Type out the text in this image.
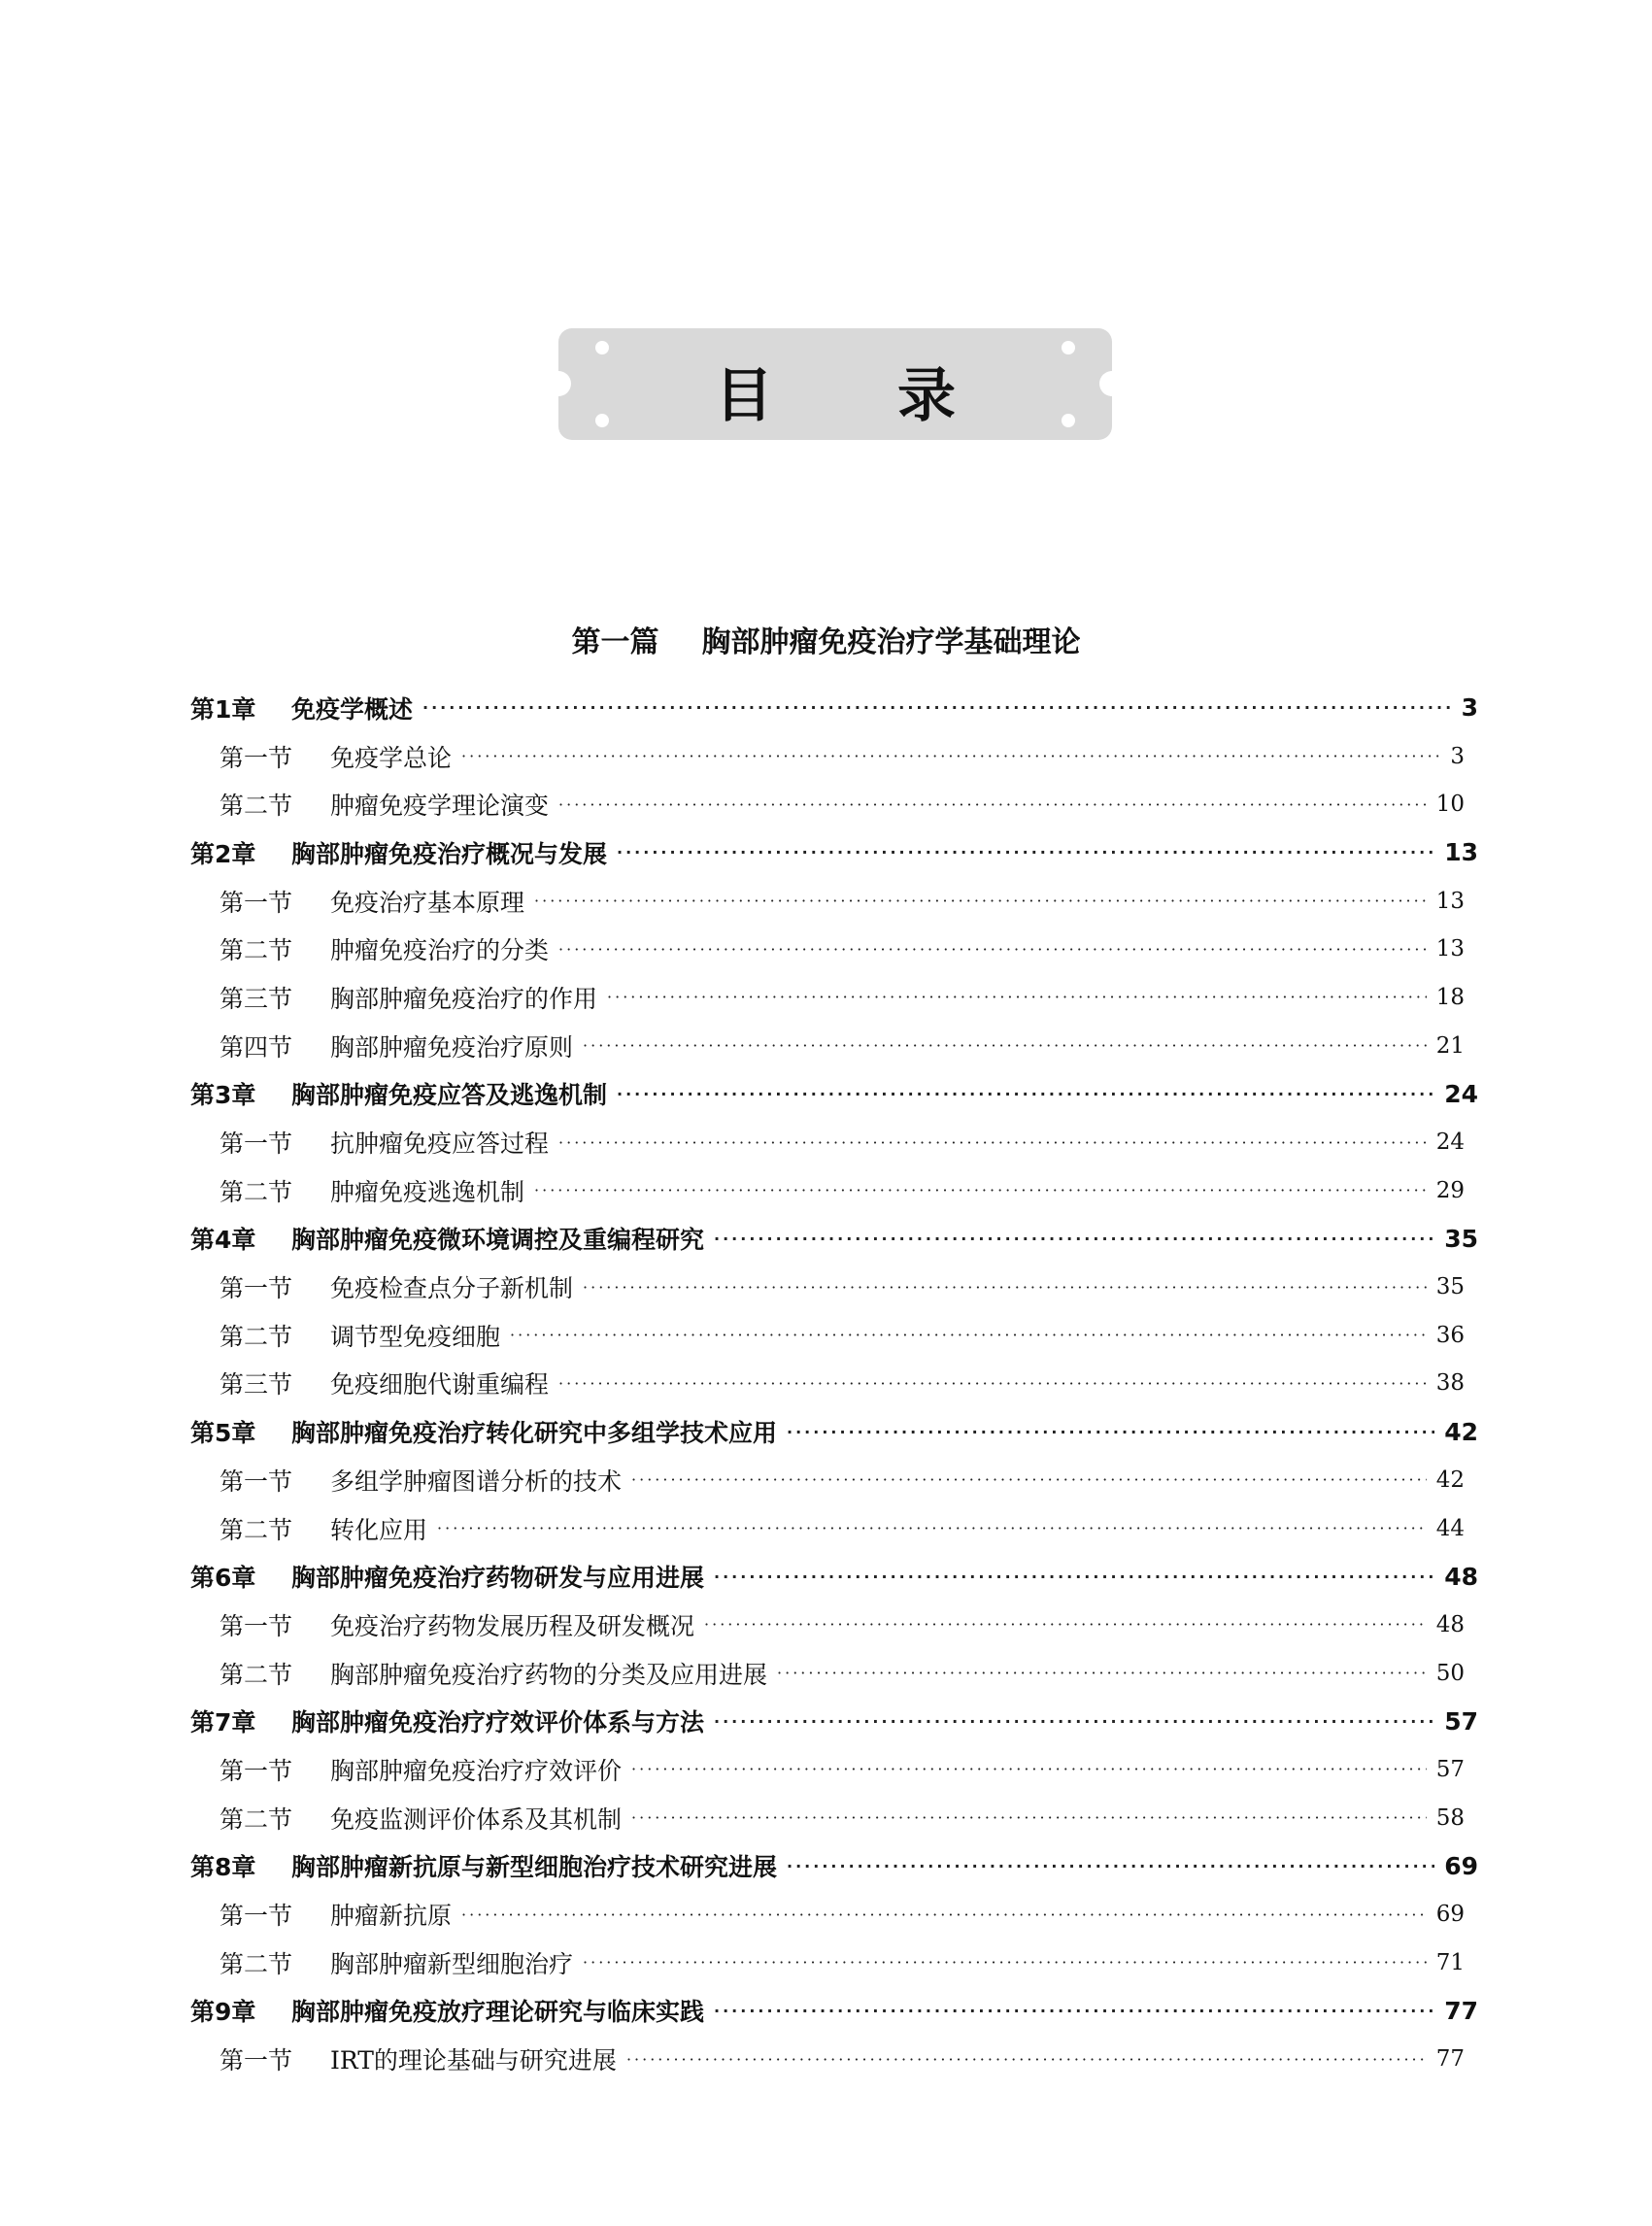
目录
第一篇 胸部肿瘤免疫治疗学基础理论
第1章	免疫学概述 ·····	3
第一节	免疫学总论 ·····	3
第二节	肿瘤免疫学理论演变 ·····	10
第2章	胸部肿瘤免疫治疗概况与发展 ·····	13
第一节	免疫治疗基本原理 ·····	13
第二节	肿瘤免疫治疗的分类 ·····	13
第三节	胸部肿瘤免疫治疗的作用 ·····	18
第四节	胸部肿瘤免疫治疗原则 ·····	21
第3章	胸部肿瘤免疫应答及逃逸机制 ·····	24
第一节	抗肿瘤免疫应答过程 ·····	24
第二节	肿瘤免疫逃逸机制 ·····	29
第4章	胸部肿瘤免疫微环境调控及重编程研究 ·····	35
第一节	免疫检查点分子新机制 ·····	35
第二节	调节型免疫细胞 ·····	36
第三节	免疫细胞代谢重编程 ·····	38
第5章	胸部肿瘤免疫治疗转化研究中多组学技术应用 ·····	42
第一节	多组学肿瘤图谱分析的技术 ·····	42
第二节	转化应用 ·····	44
第6章	胸部肿瘤免疫治疗药物研发与应用进展 ·····	48
第一节	免疫治疗药物发展历程及研发概况 ·····	48
第二节	胸部肿瘤免疫治疗药物的分类及应用进展 ·····	50
第7章	胸部肿瘤免疫治疗疗效评价体系与方法 ·····	57
第一节	胸部肿瘤免疫治疗疗效评价 ·····	57
第二节	免疫监测评价体系及其机制 ·····	58
第8章	胸部肿瘤新抗原与新型细胞治疗技术研究进展 ·····	69
第一节	肿瘤新抗原 ·····	69
第二节	胸部肿瘤新型细胞治疗 ·····	71
第9章	胸部肿瘤免疫放疗理论研究与临床实践 ·····	77
第一节	IRT的理论基础与研究进展 ·····	77
